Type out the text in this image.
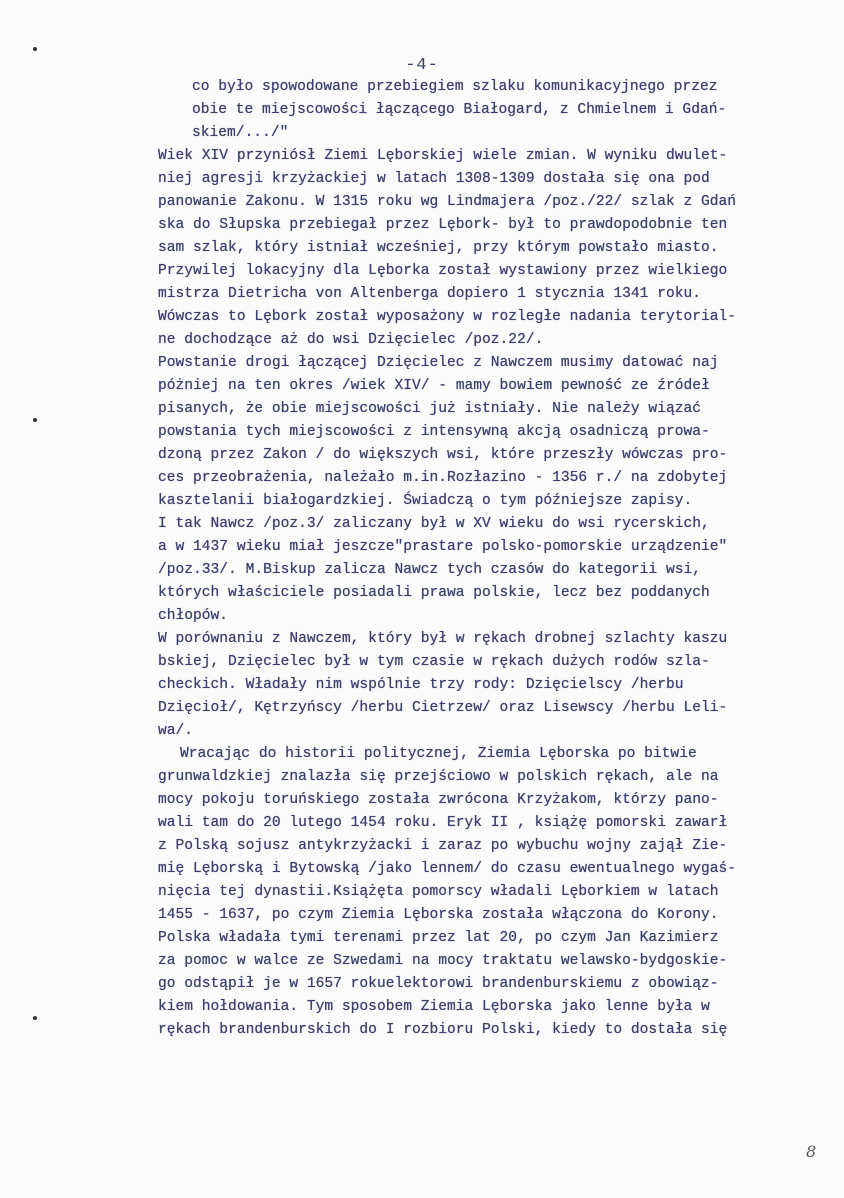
-4-
co było spowodowane przebiegiem szlaku komunikacyjnego przez
obie te miejscowości łączącego Białogard, z Chmielnem i Gdań-
skiem/.../"
Wiek XIV przyniósł Ziemi Lęborskiej wiele zmian. W wyniku dwulet-
niej agresji krzyżackiej w latach 1308-1309 dostała się ona pod
panowanie Zakonu. W 1315 roku wg Lindmajera /poz./22/ szlak z Gdań
ska do Słupska przebiegał przez Lębork- był to prawdopodobnie ten
sam szlak, który istniał wcześniej, przy którym powstało miasto.
Przywilej lokacyjny dla Lęborka został wystawiony przez wielkiego
mistrza Dietricha von Altenberga dopiero 1 stycznia 1341 roku.
Wówczas to Lębork został wyposażony w rozległe nadania terytorial-
ne dochodzące aż do wsi Dzięcielec /poz.22/.
Powstanie drogi łączącej Dzięcielec z Nawczem musimy datować naj
póżniej na ten okres /wiek XIV/ - mamy bowiem pewność ze źródeł
pisanych, że obie miejscowości już istniały. Nie należy wiązać
powstania tych miejscowości z intensywną akcją osadniczą prowa-
dzoną przez Zakon / do większych wsi, które przeszły wówczas pro-
ces przeobrażenia, należało m.in.Rozłazino - 1356 r./ na zdobytej
kasztelanii białogardzkiej. Świadczą o tym późniejsze zapisy.
I tak Nawcz /poz.3/ zaliczany był w XV wieku do wsi rycerskich,
a w 1437 wieku miał jeszcze"prastare polsko-pomorskie urządzenie"
/poz.33/. M.Biskup zalicza Nawcz tych czasów do kategorii wsi,
których właściciele posiadali prawa polskie, lecz bez poddanych
chłopów.
W porównaniu z Nawczem, który był w rękach drobnej szlachty kaszu
bskiej, Dzięcielec był w tym czasie w rękach dużych rodów szla-
checkich. Władały nim wspólnie trzy rody: Dzięcielscy /herbu
Dzięcioł/, Kętrzyńscy /herbu Cietrzew/ oraz Lisewscy /herbu Leli-
wa/.
Wracając do historii politycznej, Ziemia Lęborska po bitwie
grunwaldzkiej znalazła się przejściowo w polskich rękach, ale na
mocy pokoju toruńskiego została zwrócona Krzyżakom, którzy pano-
wali tam do 20 lutego 1454 roku. Eryk II , książę pomorski zawarł
z Polską sojusz antykrzyżacki i zaraz po wybuchu wojny zajął Zie-
mię Lęborską i Bytowską /jako lennem/ do czasu ewentualnego wygaś-
nięcia tej dynastii.Książęta pomorscy władali Lęborkiem w latach
1455 - 1637, po czym Ziemia Lęborska została włączona do Korony.
Polska władała tymi terenami przez lat 20, po czym Jan Kazimierz
za pomoc w walce ze Szwedami na mocy traktatu welawsko-bydgoskie-
go odstąpił je w 1657 rokuelektorowi brandenburskiemu z obowiąz-
kiem hołdowania. Tym sposobem Ziemia Lęborska jako lenne była w
rękach brandenburskich do I rozbioru Polski, kiedy to dostała się
8
